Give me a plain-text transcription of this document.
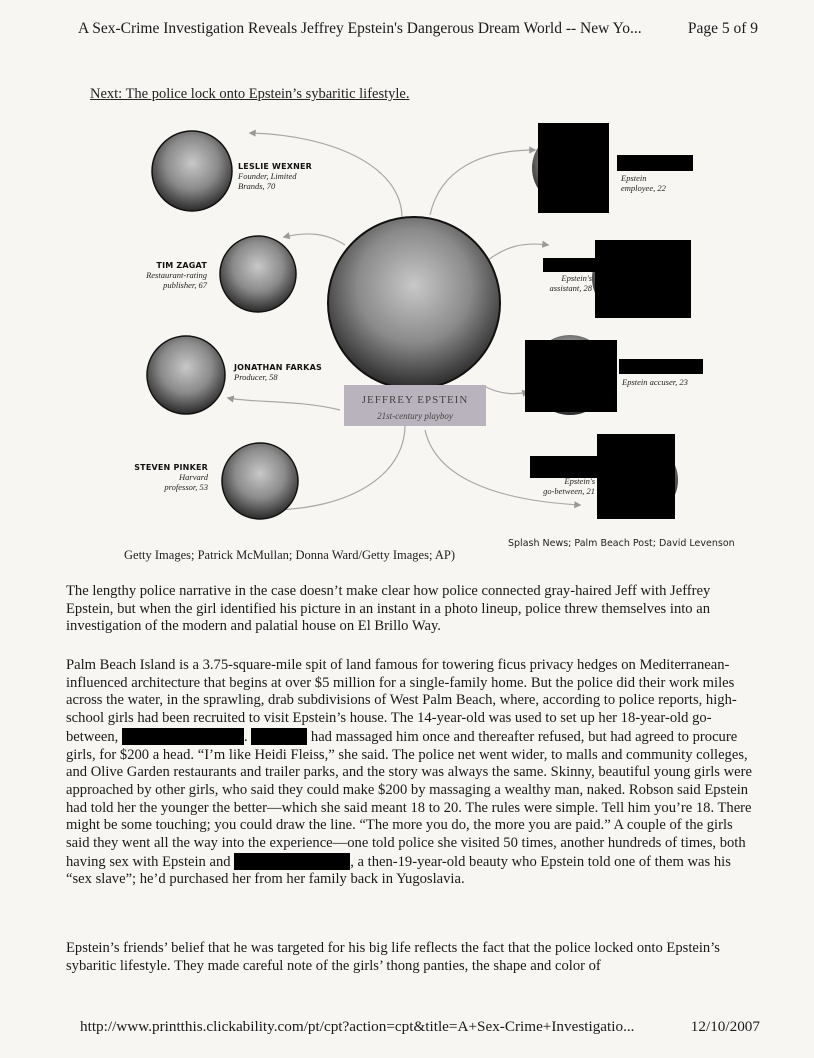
A Sex-Crime Investigation Reveals Jeffrey Epstein's Dangerous Dream World -- New Yo...	Page 5 of 9
Next: The police lock onto Epstein’s sybaritic lifestyle.
JEFFREY EPSTEIN
21st-century playboy
LESLIE WEXNER
Founder, Limited
Brands, 70
TIM ZAGAT
Restaurant-rating
publisher, 67
JONATHAN FARKAS
Producer, 58
STEVEN PINKER
Harvard
professor, 53
Epstein
employee, 22
Epstein's
assistant, 28
Epstein accuser, 23
Epstein's
go-between, 21
Splash News; Palm Beach Post; David Levenson
Getty Images; Patrick McMullan; Donna Ward/Getty Images; AP)

The lengthy police narrative in the case doesn’t make clear how police connected gray-haired Jeff with Jeffrey Epstein, but when the girl identified his picture in an instant in a photo lineup, police threw themselves into an investigation of the modern and palatial house on El Brillo Way.

Palm Beach Island is a 3.75-square-mile spit of land famous for towering ficus privacy hedges on Mediterranean-influenced architecture that begins at over $5 million for a single-family home. But the police did their work miles across the water, in the sprawling, drab subdivisions of West Palm Beach, where, according to police reports, high-school girls had been recruited to visit Epstein’s house. The 14-year-old was used to set up her 18-year-old go-between,	.	had massaged him once and thereafter refused, but had agreed to procure girls, for $200 a head. “I’m like Heidi Fleiss,” she said. The police net went wider, to malls and community colleges, and Olive Garden restaurants and trailer parks, and the story was always the same. Skinny, beautiful young girls were approached by other girls, who said they could make $200 by massaging a wealthy man, naked. Robson said Epstein had told her the younger the better—which she said meant 18 to 20. The rules were simple. Tell him you’re 18. There might be some touching; you could draw the line. “The more you do, the more you are paid.” A couple of the girls said they went all the way into the experience—one told police she visited 50 times, another hundreds of times, both having sex with Epstein and	, a then-19-year-old beauty who Epstein told one of them was his “sex slave”; he’d purchased her from her family back in Yugoslavia.

Epstein’s friends’ belief that he was targeted for his big life reflects the fact that the police locked onto Epstein’s sybaritic lifestyle. They made careful note of the girls’ thong panties, the shape and color of

http://www.printthis.clickability.com/pt/cpt?action=cpt&title=A+Sex-Crime+Investigatio...	12/10/2007
